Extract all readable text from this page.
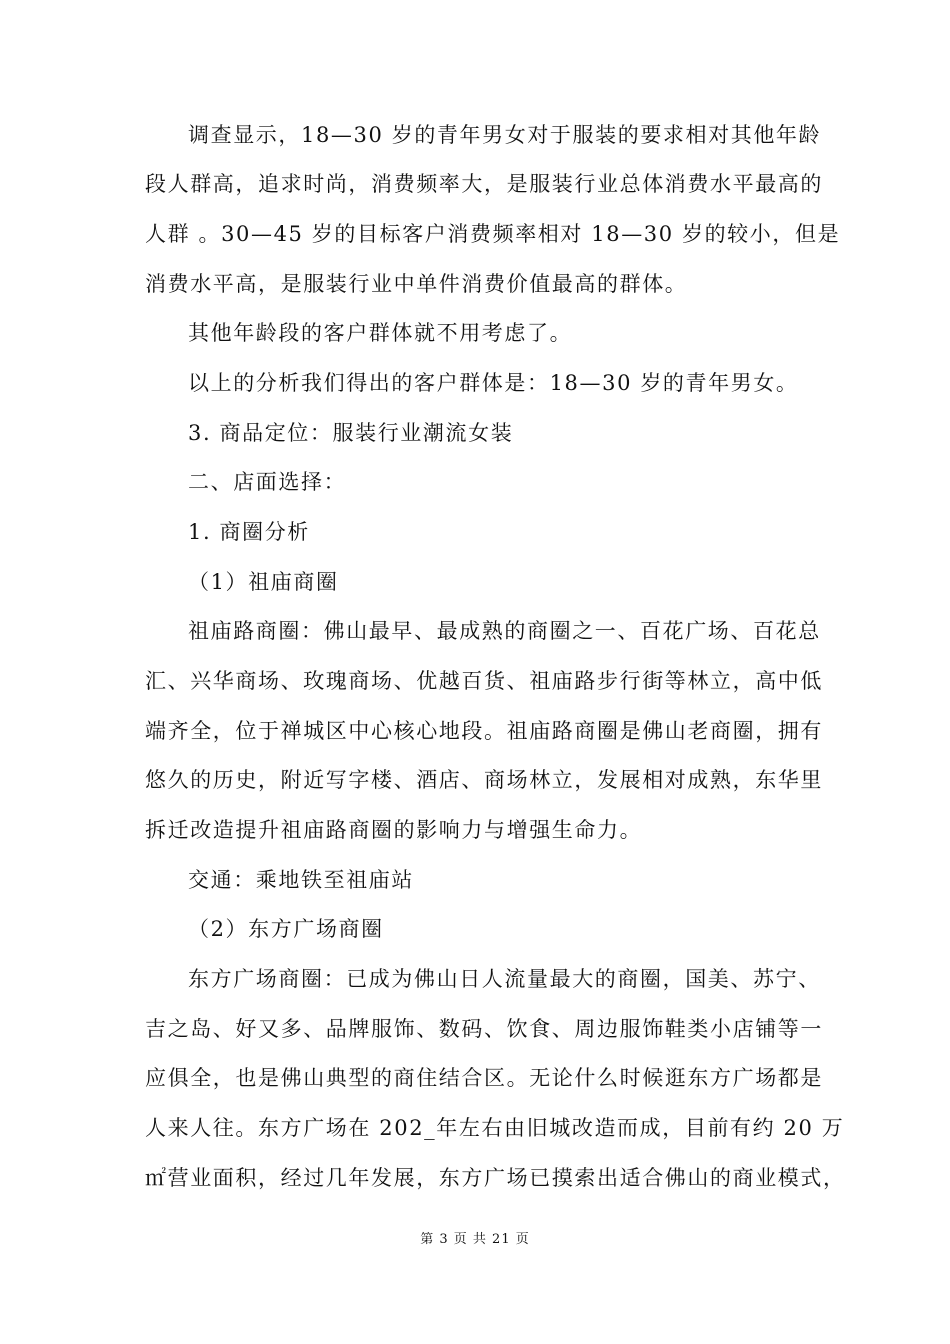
调查显示，18—30 岁的青年男女对于服装的要求相对其他年龄
段人群高，追求时尚，消费频率大，是服装行业总体消费水平最高的
人群 。30—45 岁的目标客户消费频率相对 18—30 岁的较小，但是
消费水平高，是服装行业中单件消费价值最高的群体。
其他年龄段的客户群体就不用考虑了。
以上的分析我们得出的客户群体是：18—30 岁的青年男女。
3. 商品定位：服装行业潮流女装
二、店面选择：
1. 商圈分析
（1）祖庙商圈
祖庙路商圈：佛山最早、最成熟的商圈之一、百花广场、百花总
汇、兴华商场、玫瑰商场、优越百货、祖庙路步行街等林立，高中低
端齐全，位于禅城区中心核心地段。祖庙路商圈是佛山老商圈，拥有
悠久的历史，附近写字楼、酒店、商场林立，发展相对成熟，东华里
拆迁改造提升祖庙路商圈的影响力与增强生命力。
交通：乘地铁至祖庙站
（2）东方广场商圈
东方广场商圈：已成为佛山日人流量最大的商圈，国美、苏宁、
吉之岛、好又多、品牌服饰、数码、饮食、周边服饰鞋类小店铺等一
应俱全，也是佛山典型的商住结合区。无论什么时候逛东方广场都是
人来人往。东方广场在 202_年左右由旧城改造而成，目前有约 20 万
㎡营业面积，经过几年发展，东方广场已摸索出适合佛山的商业模式，
第 3 页 共 21 页
